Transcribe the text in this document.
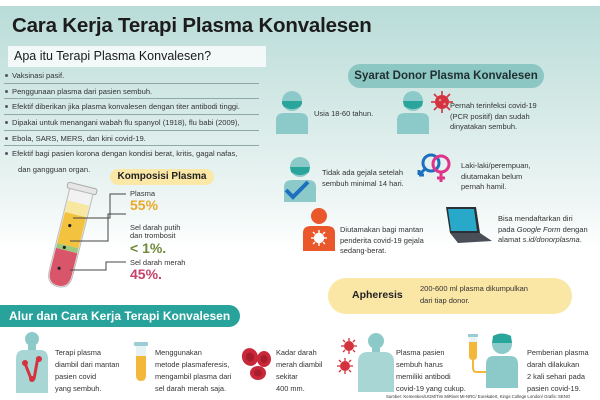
Cara Kerja Terapi Plasma Konvalesen
Apa itu Terapi Plasma Konvalesen?
Vaksinasi pasif.
Penggunaan plasma dari pasien sembuh.
Efektif diberikan jika plasma konvalesen dengan titer antibodi tinggi.
Dipakai untuk menangani wabah flu spanyol (1918), flu babi (2009),
Ebola, SARS, MERS, dan kini covid-19.
Efektif bagi pasien korona dengan kondisi berat, kritis, gagal nafas,
dan gangguan organ.
Komposisi Plasma
Plasma
55%
Sel darah putih
dan trombosit
< 1%.
Sel darah merah
45%.
Syarat Donor Plasma Konvalesen
Usia 18-60 tahun.
Pernah terinfeksi covid-19
(PCR positif) dan sudah
dinyatakan sembuh.
Tidak ada gejala setelah
sembuh minimal 14 hari.
Laki-laki/perempuan,
diutamakan belum
pernah hamil.
Diutamakan bagi mantan
penderita covid-19 gejala
sedang-berat.
Bisa mendaftarkan diri
pada Google Form dengan
alamat s.id/donorplasma.
Apheresis
200-600 ml plasma dikumpulkan
dari tiap donor.
Alur dan Cara Kerja Terapi Konvalesen
Terapi plasma
diambil dari mantan
pasien covid
yang sembuh.
Menggunakan
metode plasmaferesis,
mengambil plasma dari
sel darah merah saja.
Kadar darah
merah diambil
sekitar
400 mm.
Plasma pasien
sembuh harus
memiliki antibodi
covid-19 yang cukup.
Pemberian plasma
darah dilakukan
2 kali sehari pada
pasien covid-19.
Sumber: Kemenkes/UGM/Tim MiRiset MI-NRC/ Eurekalert, Kings College London/ Grafis: SENO
